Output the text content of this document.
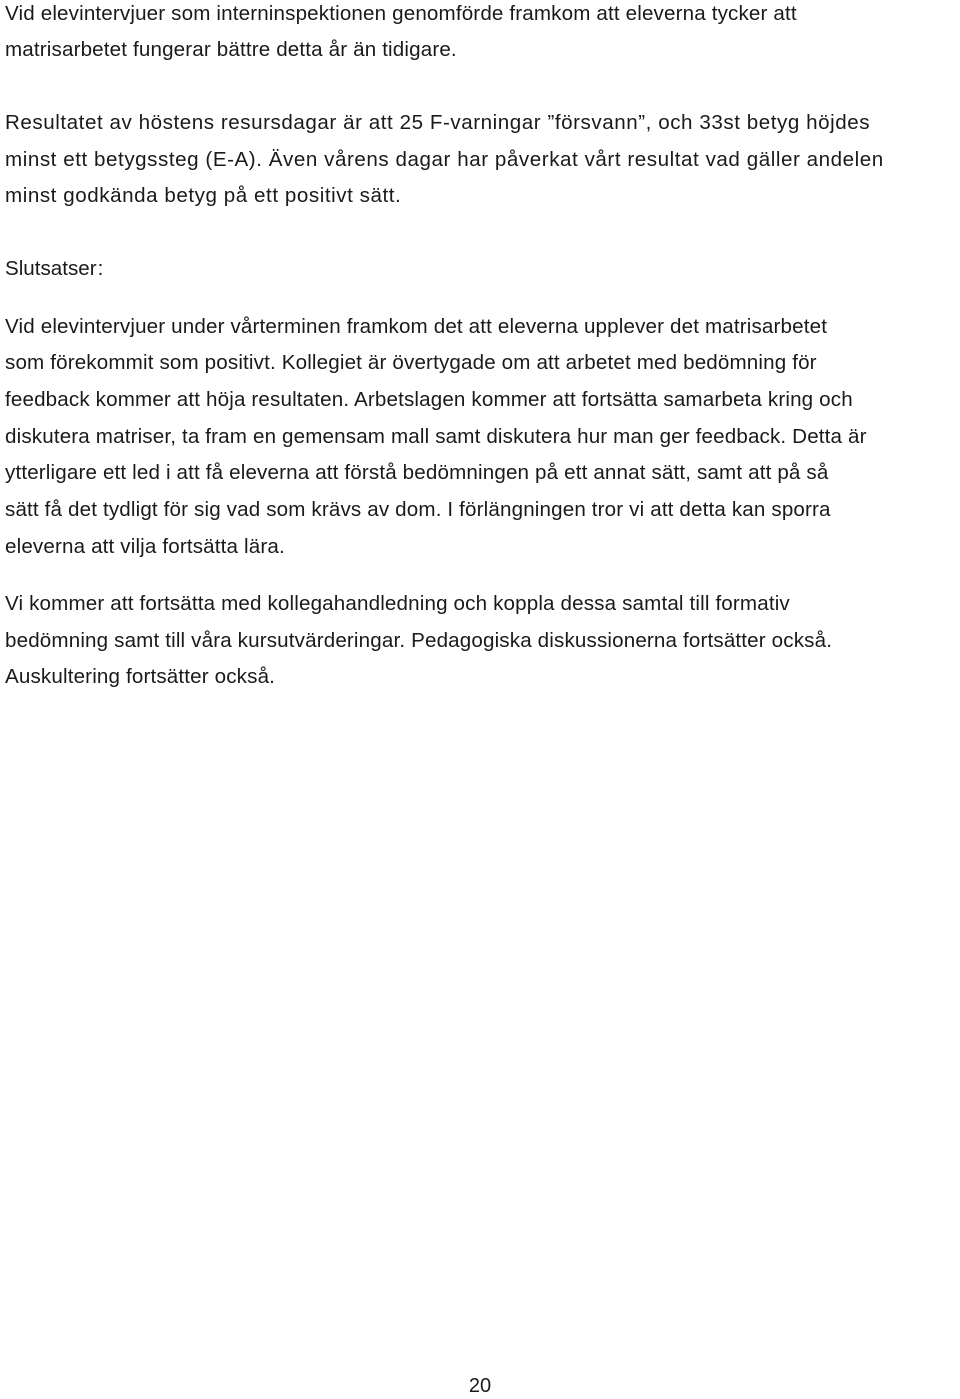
Vid elevintervjuer som interninspektionen genomförde framkom att eleverna tycker att
matrisarbetet fungerar bättre detta år än tidigare.
Resultatet av höstens resursdagar är att 25 F-varningar ”försvann”, och 33st betyg höjdes
minst ett betygssteg (E-A). Även vårens dagar har påverkat vårt resultat vad gäller andelen
minst godkända betyg på ett positivt sätt.
Slutsatser:
Vid elevintervjuer under vårterminen framkom det att eleverna upplever det matrisarbetet
som förekommit som positivt. Kollegiet är övertygade om att arbetet med bedömning för
feedback kommer att höja resultaten. Arbetslagen kommer att fortsätta samarbeta kring och
diskutera matriser, ta fram en gemensam mall samt diskutera hur man ger feedback. Detta är
ytterligare ett led i att få eleverna att förstå bedömningen på ett annat sätt, samt att på så
sätt få det tydligt för sig vad som krävs av dom. I förlängningen tror vi att detta kan sporra
eleverna att vilja fortsätta lära.
Vi kommer att fortsätta med kollegahandledning och koppla dessa samtal till formativ
bedömning samt till våra kursutvärderingar. Pedagogiska diskussionerna fortsätter också.
Auskultering fortsätter också.
20
